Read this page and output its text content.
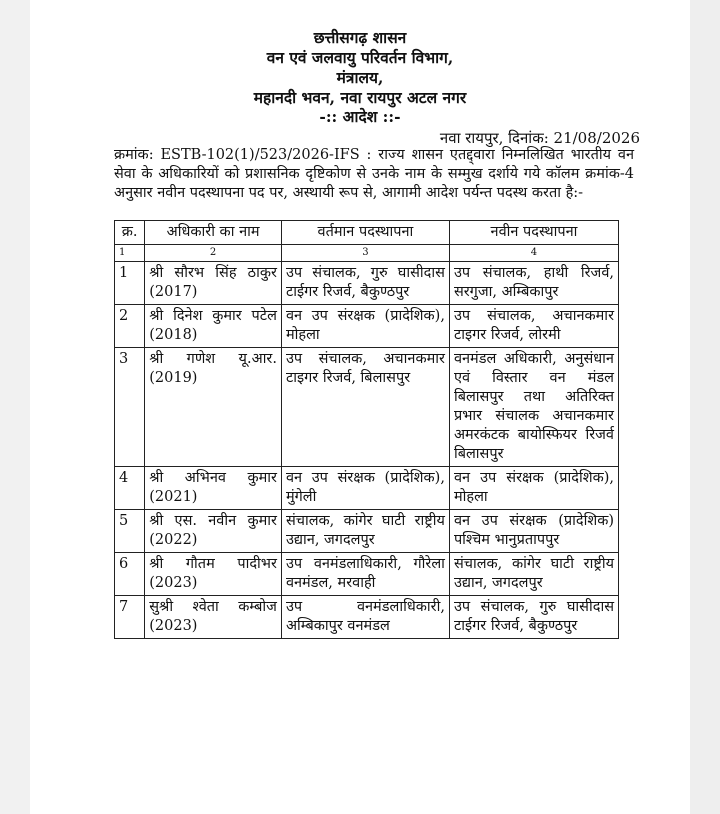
छत्तीसगढ़ शासन
वन एवं जलवायु परिवर्तन विभाग,
मंत्रालय,
महानदी भवन, नवा रायपुर अटल नगर
-:: आदेश ::-
नवा रायपुर, दिनांक: 21/08/2026
क्रमांक: ESTB-102(1)/523/2026-IFS : राज्य शासन एतद्द्वारा निम्नलिखित भारतीय वन सेवा के अधिकारियों को प्रशासनिक दृष्टिकोण से उनके नाम के सम्मुख दर्शाये गये कॉलम क्रमांक-4 अनुसार नवीन पदस्थापना पद पर, अस्थायी रूप से, आगामी आदेश पर्यन्त पदस्थ करता है:-
क्र.	अधिकारी का नाम	वर्तमान पदस्थापना	नवीन पदस्थापना
1	2	3	4
1	श्री सौरभ सिंह ठाकुर (2017)	उप संचालक, गुरु घासीदास टाईगर रिजर्व, बैकुण्ठपुर	उप संचालक, हाथी रिजर्व, सरगुजा, अम्बिकापुर
2	श्री दिनेश कुमार पटेल (2018)	वन उप संरक्षक (प्रादेशिक), मोहला	उप संचालक, अचानकमार टाइगर रिजर्व, लोरमी
3	श्री गणेश यू.आर. (2019)	उप संचालक, अचानकमार टाइगर रिजर्व, बिलासपुर	वनमंडल अधिकारी, अनुसंधान एवं विस्तार वन मंडल बिलासपुर तथा अतिरिक्त प्रभार संचालक अचानकमार अमरकंटक बायोस्फियर रिजर्व बिलासपुर
4	श्री अभिनव कुमार (2021)	वन उप संरक्षक (प्रादेशिक), मुंगेली	वन उप संरक्षक (प्रादेशिक), मोहला
5	श्री एस. नवीन कुमार (2022)	संचालक, कांगेर घाटी राष्ट्रीय उद्यान, जगदलपुर	वन उप संरक्षक (प्रादेशिक) पश्चिम भानुप्रतापपुर
6	श्री गौतम पादीभर (2023)	उप वनमंडलाधिकारी, गौरेला वनमंडल, मरवाही	संचालक, कांगेर घाटी राष्ट्रीय उद्यान, जगदलपुर
7	सुश्री श्वेता कम्बोज (2023)	उप वनमंडलाधिकारी, अम्बिकापुर वनमंडल	उप संचालक, गुरु घासीदास टाईगर रिजर्व, बैकुण्ठपुर
